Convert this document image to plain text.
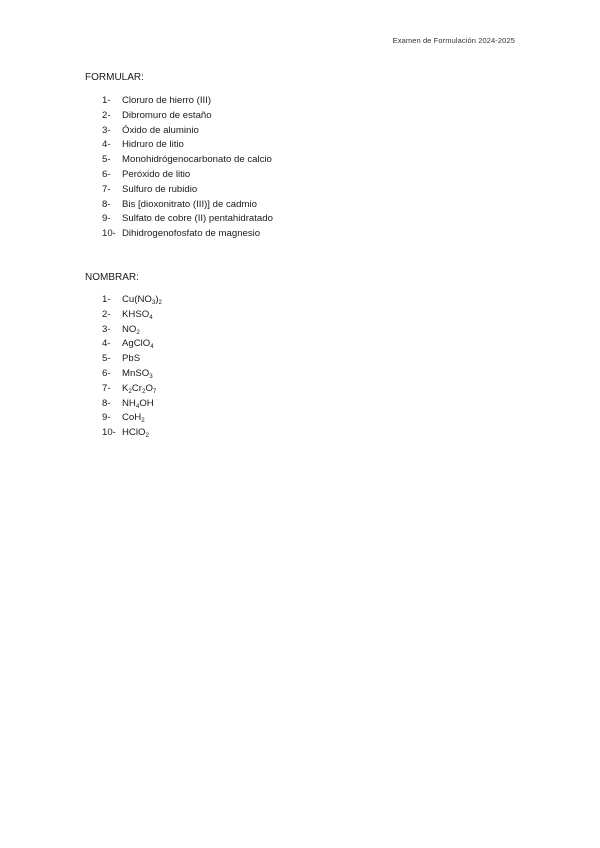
Examen de Formulación 2024-2025
FORMULAR:
1- Cloruro de hierro (III)
2- Dibromuro de estaño
3- Óxido de aluminio
4- Hidruro de litio
5- Monohidrógenocarbonato de calcio
6- Peróxido de litio
7- Sulfuro de rubidio
8- Bis [dioxonitrato (III)] de cadmio
9- Sulfato de cobre (II) pentahidratado
10- Dihidrogenofosfato de magnesio
NOMBRAR:
1- $Cu(NO_3)_2$
2- $KHSO_4$
3- $NO_2$
4- AgClO$_4$
5- PbS
6- MnSO$_3$
7- $K_2Cr_2O_7$
8- $NH_4OH$
9- CoH$_2$
10- HClO$_2$
